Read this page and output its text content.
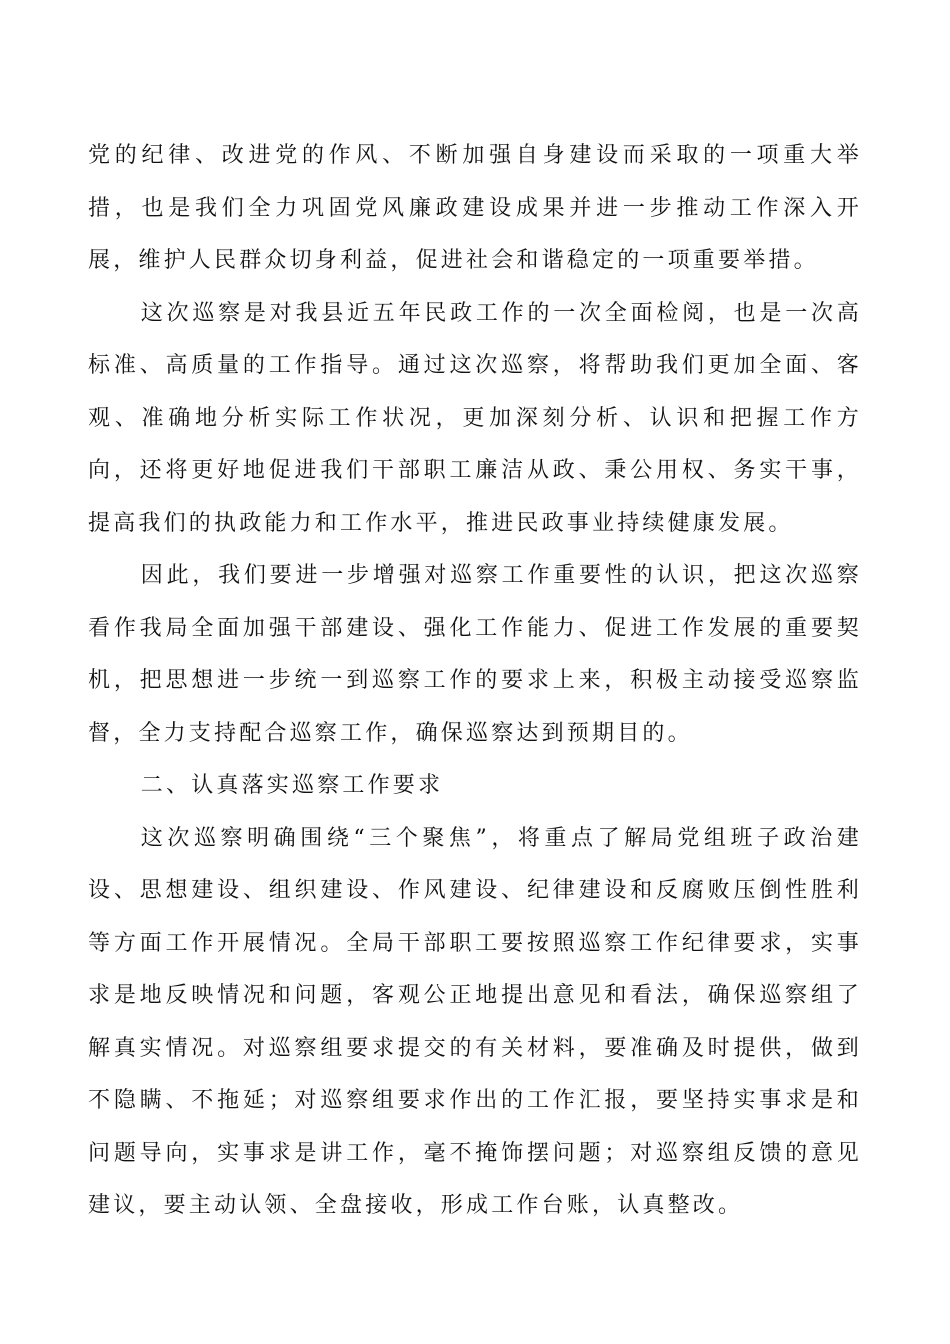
党的纪律、改进党的作风、不断加强自身建设而采取的一项重大举措，也是我们全力巩固党风廉政建设成果并进一步推动工作深入开展，维护人民群众切身利益，促进社会和谐稳定的一项重要举措。

这次巡察是对我县近五年民政工作的一次全面检阅，也是一次高标准、高质量的工作指导。通过这次巡察，将帮助我们更加全面、客观、准确地分析实际工作状况，更加深刻分析、认识和把握工作方向，还将更好地促进我们干部职工廉洁从政、秉公用权、务实干事，提高我们的执政能力和工作水平，推进民政事业持续健康发展。

因此，我们要进一步增强对巡察工作重要性的认识，把这次巡察看作我局全面加强干部建设、强化工作能力、促进工作发展的重要契机，把思想进一步统一到巡察工作的要求上来，积极主动接受巡察监督，全力支持配合巡察工作，确保巡察达到预期目的。

二、认真落实巡察工作要求

这次巡察明确围绕“三个聚焦”，将重点了解局党组班子政治建设、思想建设、组织建设、作风建设、纪律建设和反腐败压倒性胜利等方面工作开展情况。全局干部职工要按照巡察工作纪律要求，实事求是地反映情况和问题，客观公正地提出意见和看法，确保巡察组了解真实情况。对巡察组要求提交的有关材料，要准确及时提供，做到不隐瞒、不拖延；对巡察组要求作出的工作汇报，要坚持实事求是和问题导向，实事求是讲工作，毫不掩饰摆问题；对巡察组反馈的意见建议，要主动认领、全盘接收，形成工作台账，认真整改。
